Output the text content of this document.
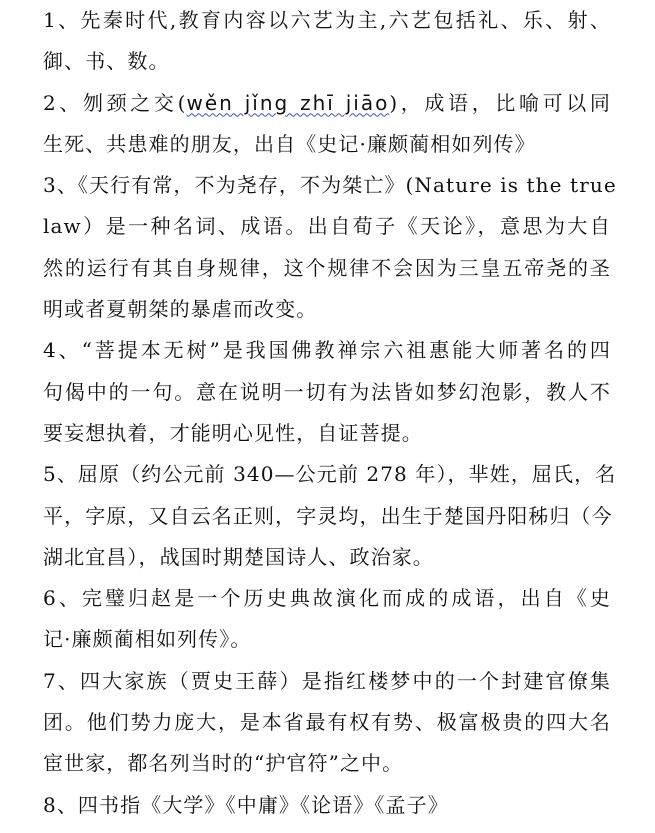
1、先秦时代,教育内容以六艺为主,六艺包括礼、乐、射、
御、书、数。
2、刎颈之交(wěn jǐng zhī jiāo)，成语，比喻可以同
生死、共患难的朋友，出自《史记·廉颇蔺相如列传》
3、《天行有常，不为尧存，不为桀亡》(Nature is the true
law）是一种名词、成语。出自荀子《天论》，意思为大自
然的运行有其自身规律，这个规律不会因为三皇五帝尧的圣
明或者夏朝桀的暴虐而改变。
4、“菩提本无树”是我国佛教禅宗六祖惠能大师著名的四
句偈中的一句。意在说明一切有为法皆如梦幻泡影，教人不
要妄想执着，才能明心见性，自证菩提。
5、屈原（约公元前 340—公元前 278 年），芈姓，屈氏，名
平，字原，又自云名正则，字灵均，出生于楚国丹阳秭归（今
湖北宜昌），战国时期楚国诗人、政治家。
6、完璧归赵是一个历史典故演化而成的成语，出自《史
记·廉颇蔺相如列传》。
7、四大家族（贾史王薛）是指红楼梦中的一个封建官僚集
团。他们势力庞大，是本省最有权有势、极富极贵的四大名
宦世家，都名列当时的“护官符”之中。
8、四书指《大学》《中庸》《论语》《孟子》
